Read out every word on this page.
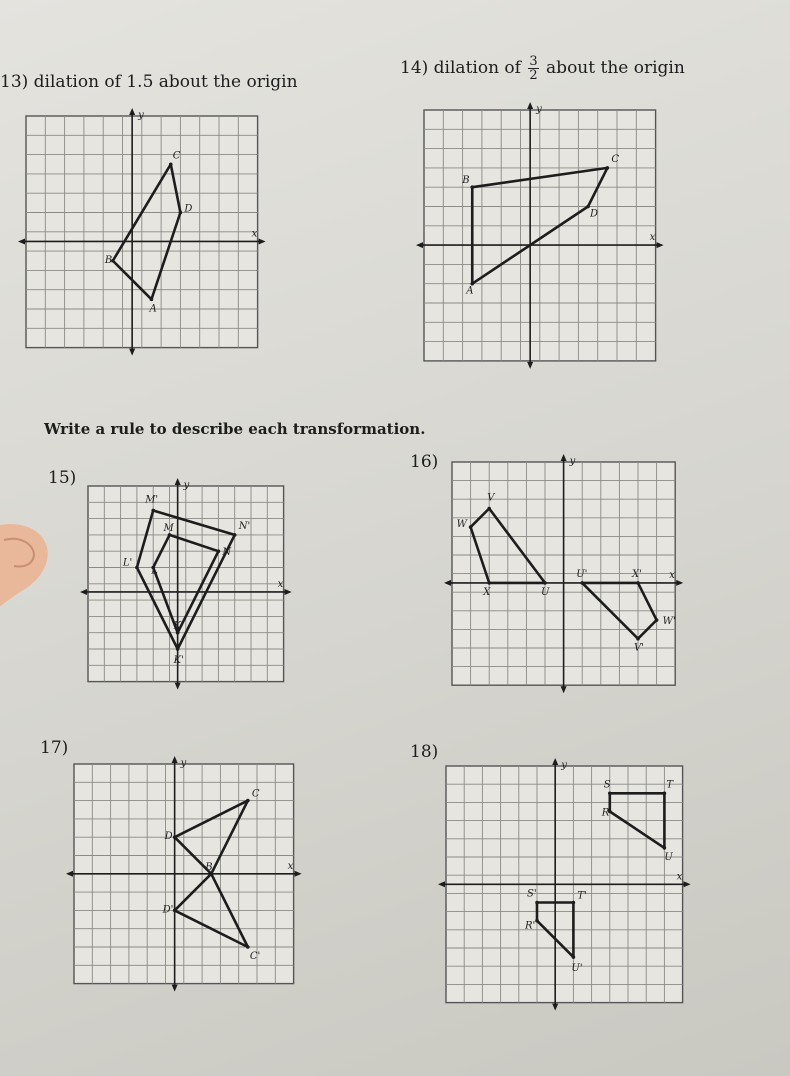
13) dilation of 1.5 about the origin
14) dilation of $\frac{3}{2}$ about the origin
Write a rule to describe each transformation.
15)
16)
17)	18)
x
y
C
D
A
B
x
y
C
D
B
A
x
y
M'
N'
M
N
L'
L
K
K'
x
y
V
W
X	U
U'	X'
W'
V'
x
y
C
D
B
D'
C'
x
y
S	T
R
U
S'	T'
R'
U'
